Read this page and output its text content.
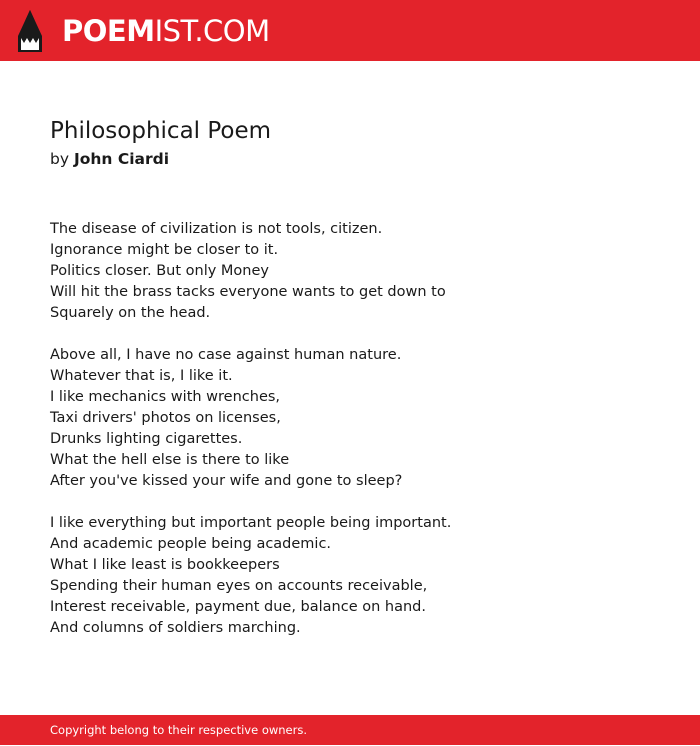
POEMIST.COM
Philosophical Poem
by John Ciardi
The disease of civilization is not tools, citizen.
Ignorance might be closer to it.
Politics closer. But only Money
Will hit the brass tacks everyone wants to get down to
Squarely on the head.
Above all, I have no case against human nature.
Whatever that is, I like it.
I like mechanics with wrenches,
Taxi drivers' photos on licenses,
Drunks lighting cigarettes.
What the hell else is there to like
After you've kissed your wife and gone to sleep?
I like everything but important people being important.
And academic people being academic.
What I like least is bookkeepers
Spending their human eyes on accounts receivable,
Interest receivable, payment due, balance on hand.
And columns of soldiers marching.
Copyright belong to their respective owners.
